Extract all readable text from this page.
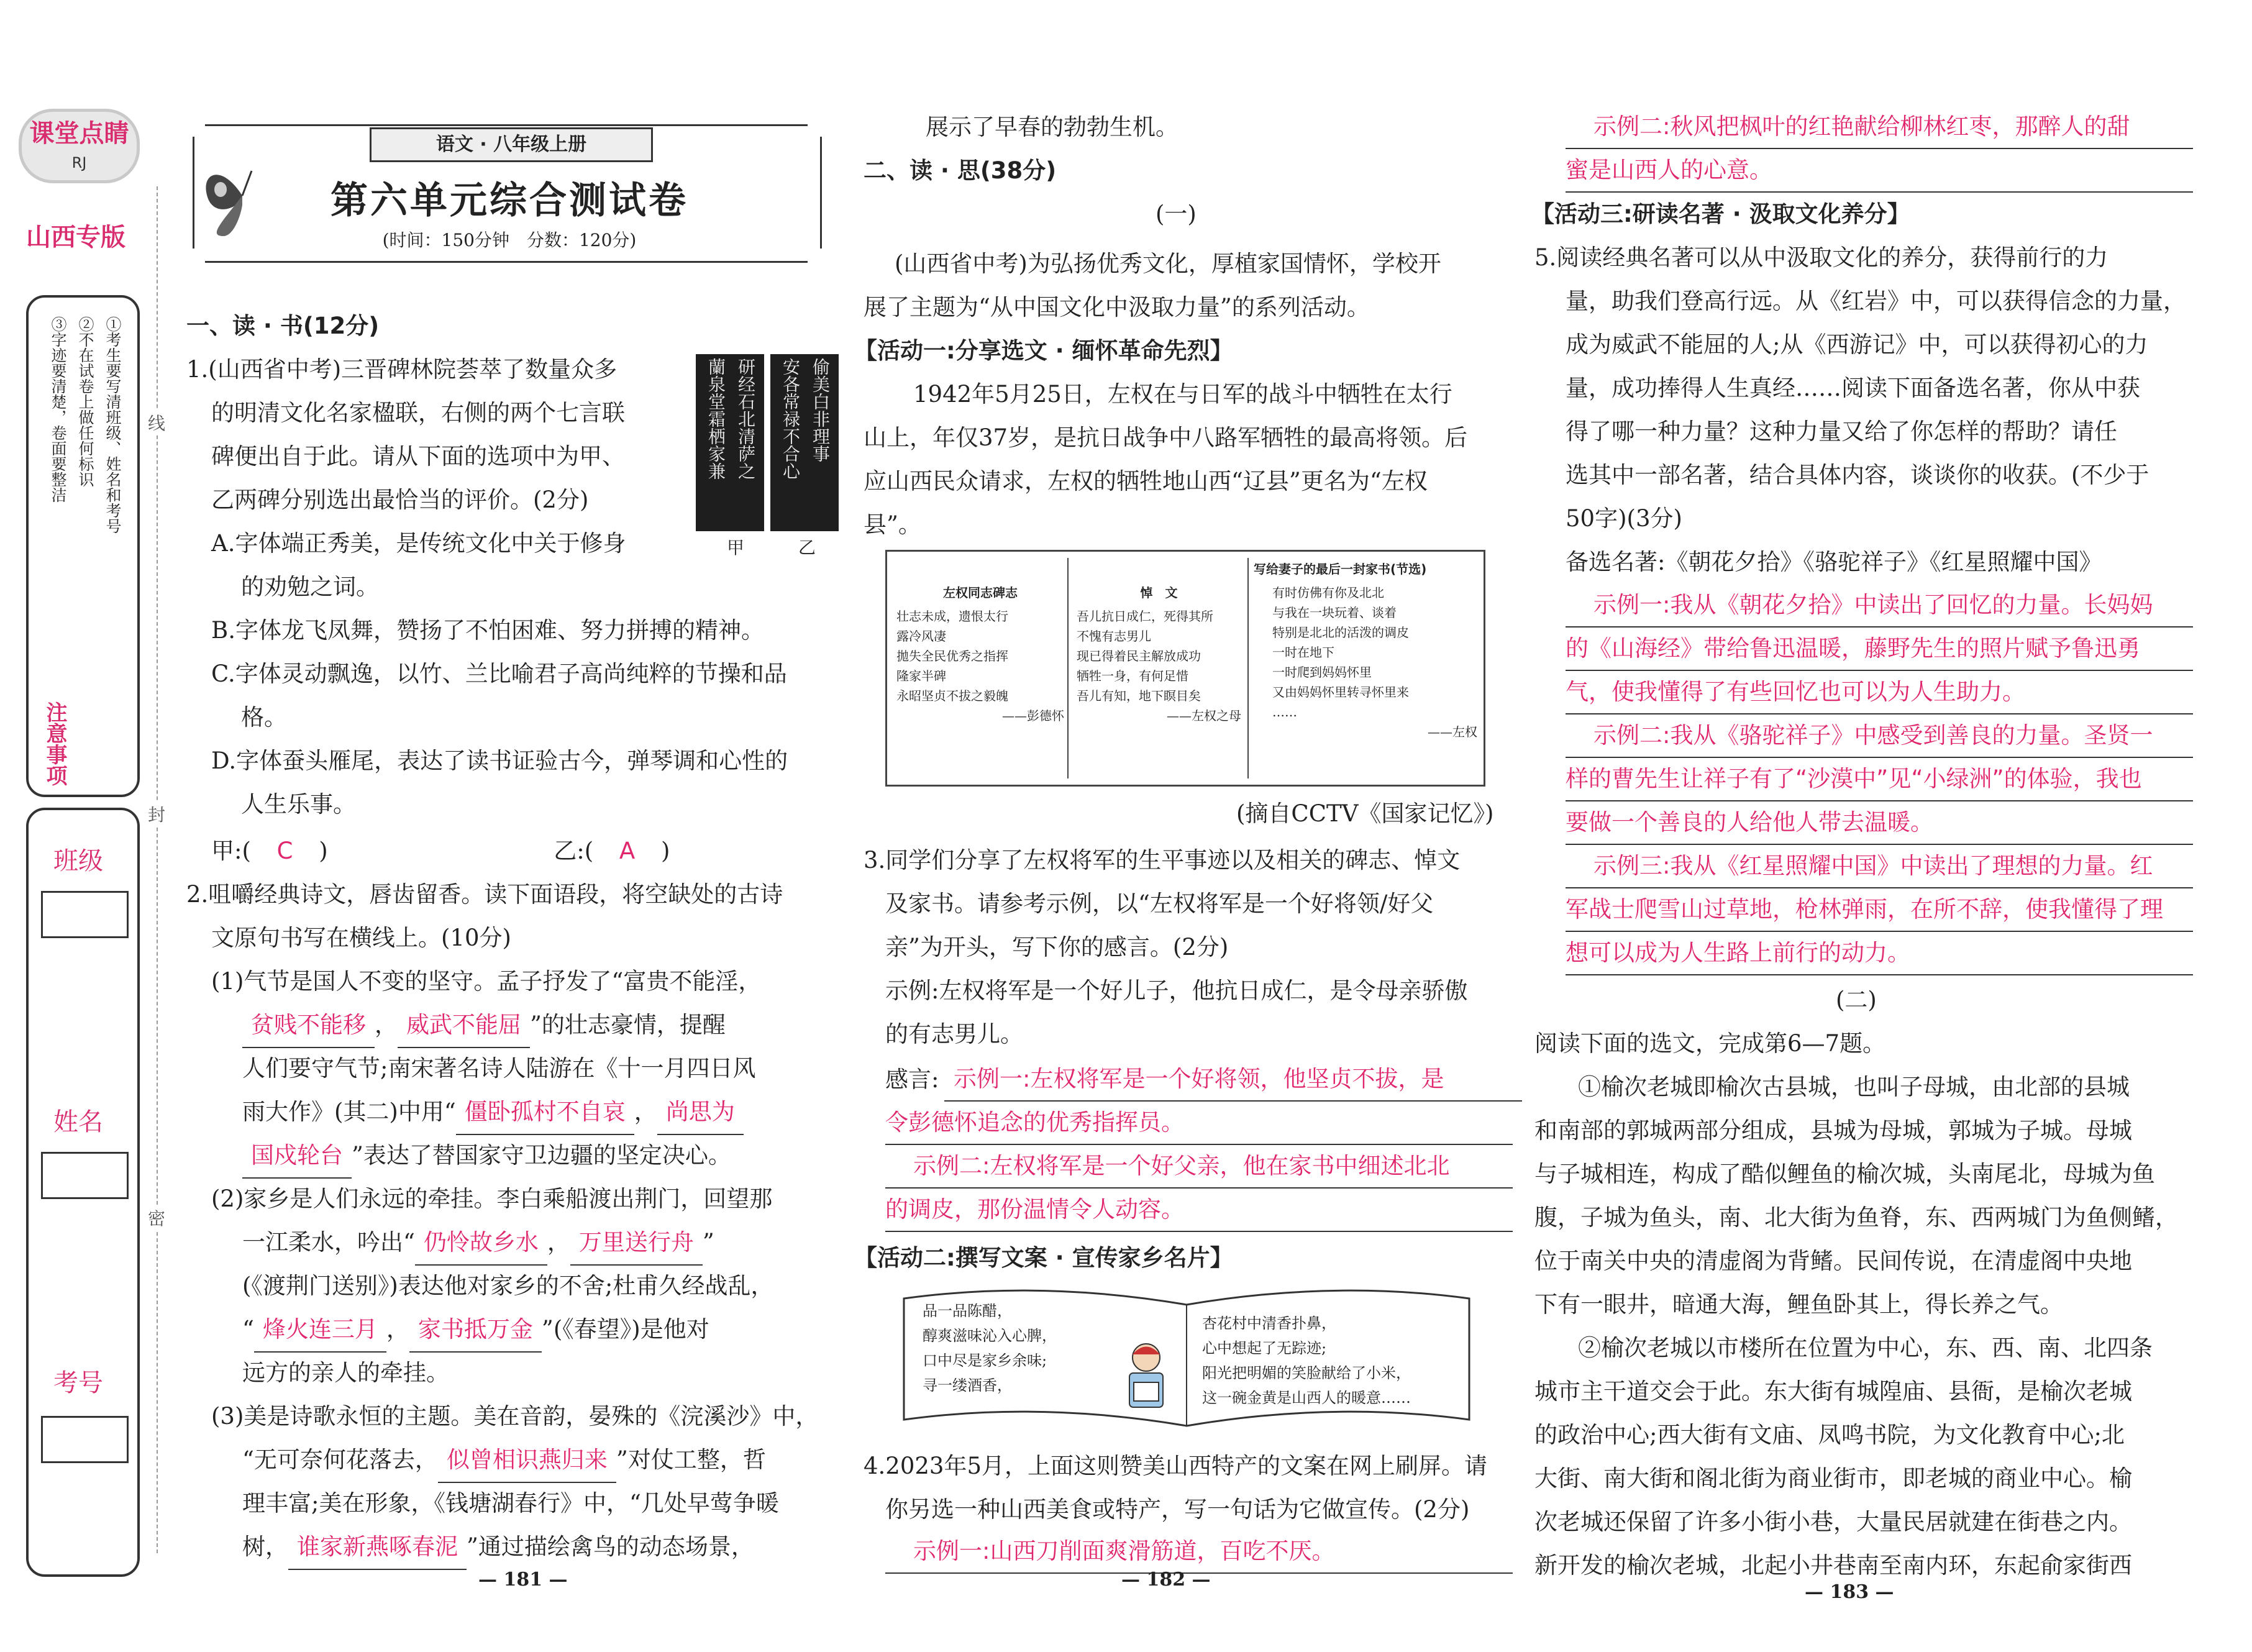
课堂点睛
RJ
山西专版
①考生要写清班级、姓名和考号
②不在试卷上做任何标识
③字迹要清楚，卷面要整洁
注意事项
班级
姓名
考号
线
封
密
语文 · 八年级上册
第六单元综合测试卷
(时间：150分钟　分数：120分)
一、读 · 书(12分)
1.(山西省中考)三晋碑林院荟萃了数量众多
的明清文化名家楹联，右侧的两个七言联
碑便出自于此。请从下面的选项中为甲、
乙两碑分别选出最恰当的评价。(2分)
研经石北清萨之
蘭泉堂霜栖家兼	偷美白非理事
安各常禄不合心
甲	乙
A.字体端正秀美，是传统文化中关于修身
的劝勉之词。
B.字体龙飞凤舞，赞扬了不怕困难、努力拼搏的精神。
C.字体灵动飘逸，以竹、兰比喻君子高尚纯粹的节操和品
格。
D.字体蚕头雁尾，表达了读书证验古今，弹琴调和心性的
人生乐事。
甲:( C )	乙:( A )
2.咀嚼经典诗文，唇齿留香。读下面语段，将空缺处的古诗
文原句书写在横线上。(10分)
(1)气节是国人不变的坚守。孟子抒发了“富贵不能淫，
贫贱不能移 ， 威武不能屈 ”的壮志豪情，提醒
人们要守气节;南宋著名诗人陆游在《十一月四日风
雨大作》(其二)中用“ 僵卧孤村不自哀 ， 尚思为
国戍轮台 ”表达了替国家守卫边疆的坚定决心。
(2)家乡是人们永远的牵挂。李白乘船渡出荆门，回望那
一江柔水，吟出“ 仍怜故乡水 ， 万里送行舟 ”
(《渡荆门送别》)表达他对家乡的不舍;杜甫久经战乱，
“ 烽火连三月 ， 家书抵万金 ”(《春望》)是他对
远方的亲人的牵挂。
(3)美是诗歌永恒的主题。美在音韵，晏殊的《浣溪沙》中，
“无可奈何花落去， 似曾相识燕归来 ”对仗工整，哲
理丰富;美在形象，《钱塘湖春行》中，“几处早莺争暖
树， 谁家新燕啄春泥 ”通过描绘禽鸟的动态场景，
— 181 —
展示了早春的勃勃生机。
二、读 · 思(38分)
(一)
(山西省中考)为弘扬优秀文化，厚植家国情怀，学校开
展了主题为“从中国文化中汲取力量”的系列活动。
【活动一:分享选文 · 缅怀革命先烈】
1942年5月25日，左权在与日军的战斗中牺牲在太行
山上，年仅37岁，是抗日战争中八路军牺牲的最高将领。后
应山西民众请求，左权的牺牲地山西“辽县”更名为“左权
县”。
左权同志碑志
壮志未成，遗恨太行
露冷风凄
拋失全民优秀之指挥
隆家半碑
永昭坚贞不拔之毅魄
——彭德怀
悼　文
吾儿抗日成仁，死得其所
不愧有志男儿
现已得着民主解放成功
牺牲一身，有何足惜
吾儿有知，地下瞑目矣
——左权之母
写给妻子的最后一封家书(节选)
有时仿佛有你及北北
与我在一块玩着、谈着
特别是北北的活泼的调皮
一时在地下
一时爬到妈妈怀里
又由妈妈怀里转寻怀里来
……
——左权
(摘自CCTV《国家记忆》)
3.同学们分享了左权将军的生平事迹以及相关的碑志、悼文
及家书。请参考示例，以“左权将军是一个好将领/好父
亲”为开头，写下你的感言。(2分)
示例:左权将军是一个好儿子，他抗日成仁，是令母亲骄傲
的有志男儿。
感言: 示例一:左权将军是一个好将领，他坚贞不拔，是
令彭德怀追念的优秀指挥员。
示例二:左权将军是一个好父亲，他在家书中细述北北
的调皮，那份温情令人动容。
【活动二:撰写文案 · 宣传家乡名片】
品一品陈醋，
醇爽滋味沁入心脾，
口中尽是家乡余味;
寻一缕酒香，
杏花村中清香扑鼻，
心中想起了无踪迹;
阳光把明媚的笑脸献给了小米，
这一碗金黄是山西人的暖意……
4.2023年5月，上面这则赞美山西特产的文案在网上刷屏。请
你另选一种山西美食或特产，写一句话为它做宣传。(2分)
示例一:山西刀削面爽滑筋道，百吃不厌。
— 182 —
示例二:秋风把枫叶的红艳献给柳林红枣，那醉人的甜
蜜是山西人的心意。
【活动三:研读名著 · 汲取文化养分】
5.阅读经典名著可以从中汲取文化的养分，获得前行的力
量，助我们登高行远。从《红岩》中，可以获得信念的力量，
成为威武不能屈的人;从《西游记》中，可以获得初心的力
量，成功捧得人生真经……阅读下面备选名著，你从中获
得了哪一种力量？这种力量又给了你怎样的帮助？请任
选其中一部名著，结合具体内容，谈谈你的收获。(不少于
50字)(3分)
备选名著:《朝花夕拾》《骆驼祥子》《红星照耀中国》
示例一:我从《朝花夕拾》中读出了回忆的力量。长妈妈
的《山海经》带给鲁迅温暖，藤野先生的照片赋予鲁迅勇
气，使我懂得了有些回忆也可以为人生助力。
示例二:我从《骆驼祥子》中感受到善良的力量。圣贤一
样的曹先生让祥子有了“沙漠中”见“小绿洲”的体验，我也
要做一个善良的人给他人带去温暖。
示例三:我从《红星照耀中国》中读出了理想的力量。红
军战士爬雪山过草地，枪林弹雨，在所不辞，使我懂得了理
想可以成为人生路上前行的动力。
(二)
阅读下面的选文，完成第6—7题。
①榆次老城即榆次古县城，也叫子母城，由北部的县城
和南部的郭城两部分组成，县城为母城，郭城为子城。母城
与子城相连，构成了酷似鲤鱼的榆次城，头南尾北，母城为鱼
腹，子城为鱼头，南、北大街为鱼脊，东、西两城门为鱼侧鳍，
位于南关中央的清虚阁为背鳍。民间传说，在清虚阁中央地
下有一眼井，暗通大海，鲤鱼卧其上，得长养之气。
②榆次老城以市楼所在位置为中心，东、西、南、北四条
城市主干道交会于此。东大街有城隍庙、县衙，是榆次老城
的政治中心;西大街有文庙、凤鸣书院，为文化教育中心;北
大街、南大街和阁北街为商业街市，即老城的商业中心。榆
次老城还保留了许多小街小巷，大量民居就建在街巷之内。
新开发的榆次老城，北起小井巷南至南内环，东起俞家街西
— 183 —
